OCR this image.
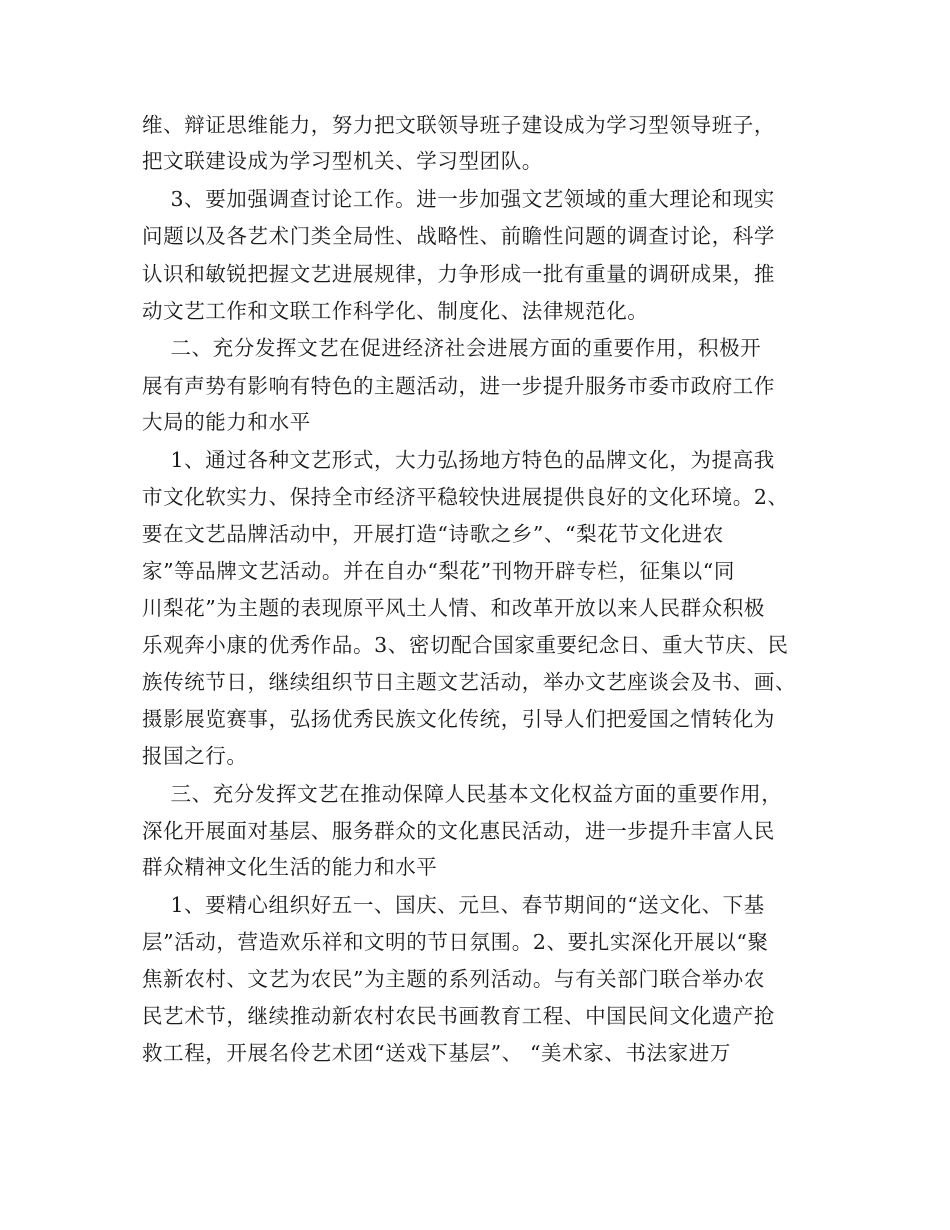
维、辩证思维能力，努力把文联领导班子建设成为学习型领导班子，
把文联建设成为学习型机关、学习型团队。
3、要加强调查讨论工作。进一步加强文艺领域的重大理论和现实
问题以及各艺术门类全局性、战略性、前瞻性问题的调查讨论，科学
认识和敏锐把握文艺进展规律，力争形成一批有重量的调研成果，推
动文艺工作和文联工作科学化、制度化、法律规范化。
二、充分发挥文艺在促进经济社会进展方面的重要作用，积极开
展有声势有影响有特色的主题活动，进一步提升服务市委市政府工作
大局的能力和水平
1、通过各种文艺形式，大力弘扬地方特色的品牌文化，为提高我
市文化软实力、保持全市经济平稳较快进展提供良好的文化环境。2、
要在文艺品牌活动中，开展打造“诗歌之乡”、“梨花节文化进农
家”等品牌文艺活动。并在自办“梨花”刊物开辟专栏，征集以“同
川梨花”为主题的表现原平风土人情、和改革开放以来人民群众积极
乐观奔小康的优秀作品。3、密切配合国家重要纪念日、重大节庆、民
族传统节日，继续组织节日主题文艺活动，举办文艺座谈会及书、画、
摄影展览赛事，弘扬优秀民族文化传统，引导人们把爱国之情转化为
报国之行。
三、充分发挥文艺在推动保障人民基本文化权益方面的重要作用，
深化开展面对基层、服务群众的文化惠民活动，进一步提升丰富人民
群众精神文化生活的能力和水平
1、要精心组织好五一、国庆、元旦、春节期间的“送文化、下基
层”活动，营造欢乐祥和文明的节日氛围。2、要扎实深化开展以“聚
焦新农村、文艺为农民”为主题的系列活动。与有关部门联合举办农
民艺术节，继续推动新农村农民书画教育工程、中国民间文化遗产抢
救工程，开展名伶艺术团“送戏下基层”、 “美术家、书法家进万
